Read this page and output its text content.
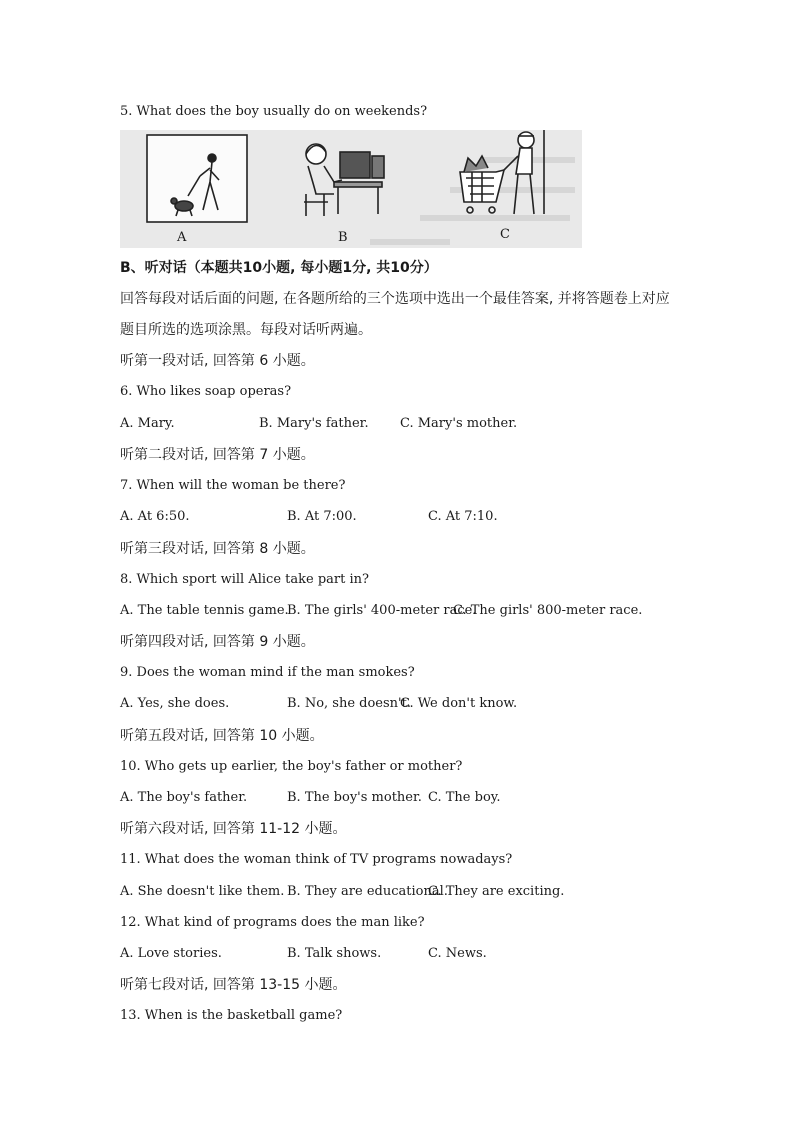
5. What does the boy usually do on weekends?
A	B	C
B、听对话（本题共10小题, 每小题1分, 共10分）
回答每段对话后面的问题, 在各题所给的三个选项中选出一个最佳答案, 并将答题卷上对应
题目所选的选项涂黑。每段对话听两遍。
听第一段对话, 回答第 6 小题。
6. Who likes soap operas?
A. Mary.	B. Mary's father. C. Mary's mother.
听第二段对话, 回答第 7 小题。
7. When will the woman be there?
A. At 6:50.	B. At 7:00.	C. At 7:10.
听第三段对话, 回答第 8 小题。
8. Which sport will Alice take part in?
A. The table tennis game.
B. The girls' 400-meter race.
C. The girls' 800-meter race.
听第四段对话, 回答第 9 小题。
9. Does the woman mind if the man smokes?
A. Yes, she does.	B. No, she doesn't.
C. We don't know.
听第五段对话, 回答第 10 小题。
10. Who gets up earlier, the boy's father or mother?
A. The boy's father.	B. The boy's mother. C. The boy.
听第六段对话, 回答第 11-12 小题。
11. What does the woman think of TV programs nowadays?
A. She doesn't like them. B. They are educational.
C. They are exciting.
12. What kind of programs does the man like?
A. Love stories.	B. Talk shows.	C. News.
听第七段对话, 回答第 13-15 小题。
13. When is the basketball game?
